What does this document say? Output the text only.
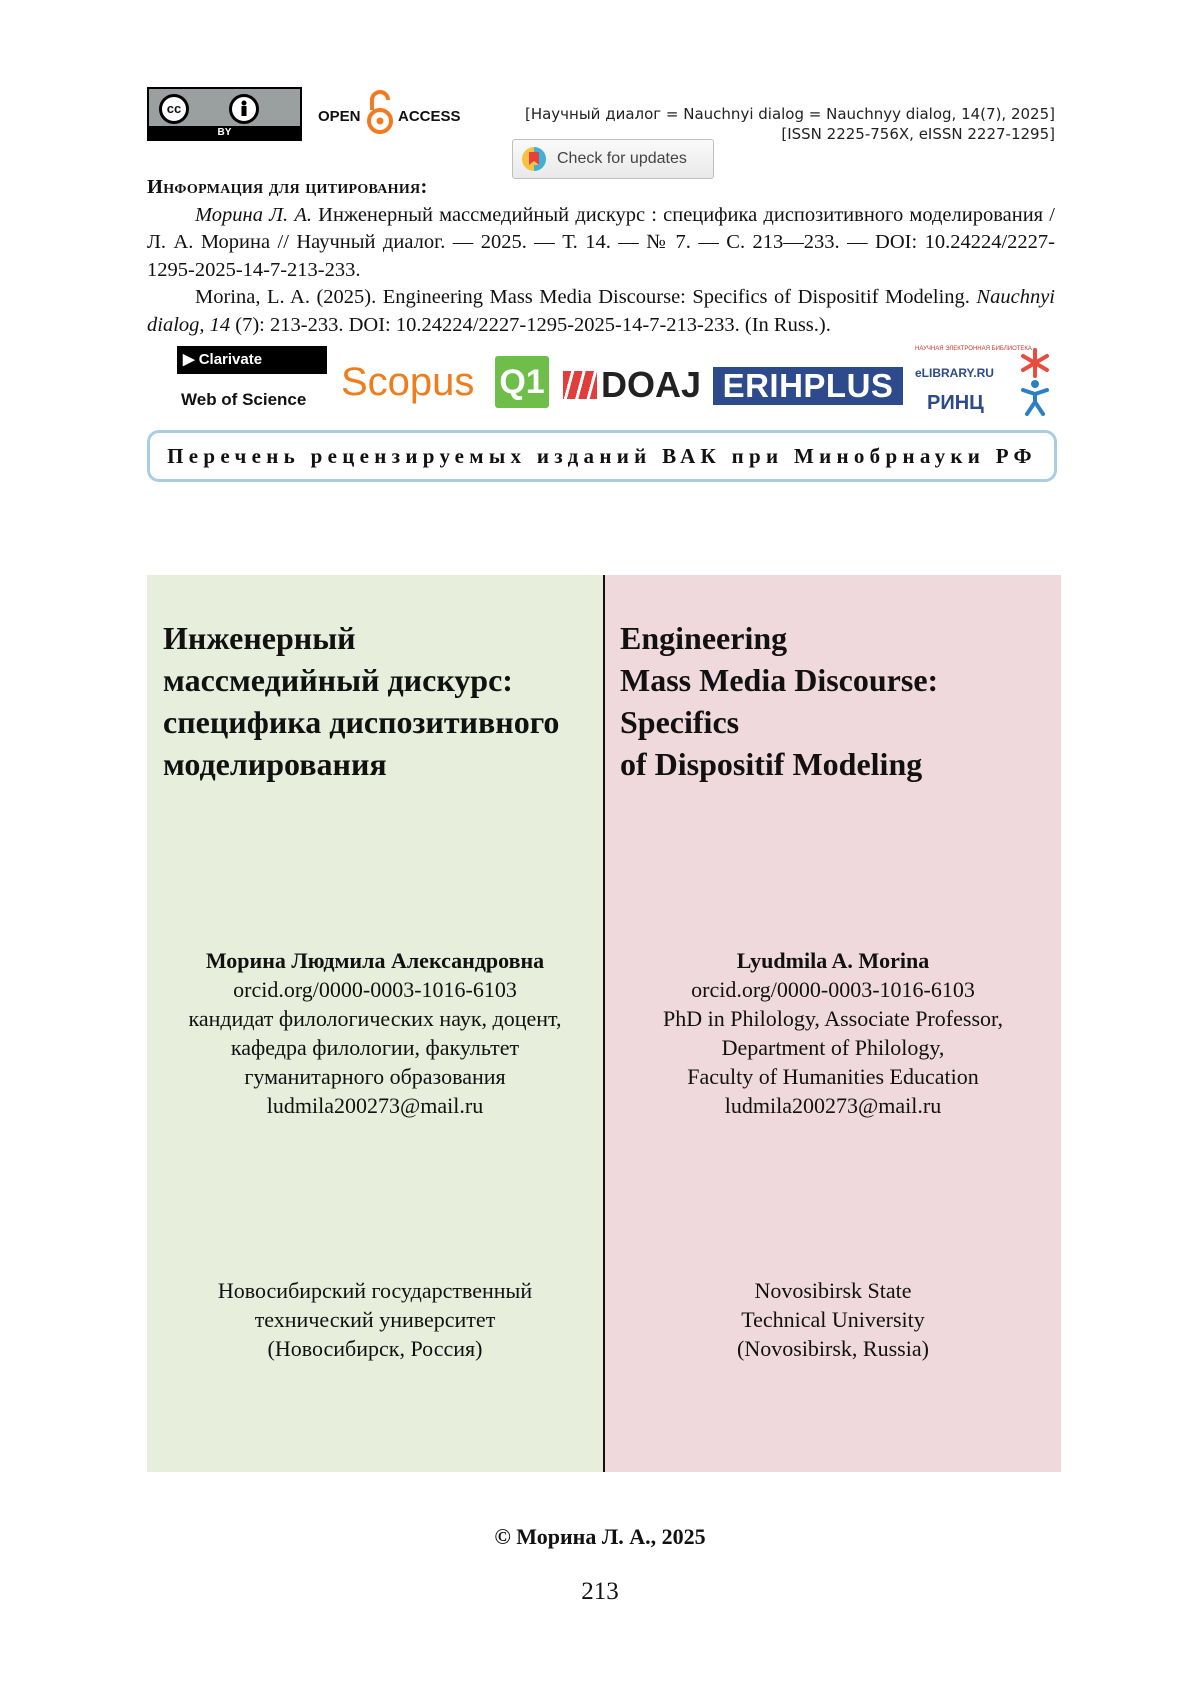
cc
BY
OPEN ACCESS	[Научный диалог = Nauchnyi dialog = Nauchnyy dialog, 14(7), 2025]
[ISSN 2225-756X, eISSN 2227-1295]
Check for updates
Информация для цитирования:

Морина Л. А. Инженерный массмедийный дискурс : специфика диспозитивного моделирования / Л. А. Морина // Научный диалог. — 2025. — Т. 14. — № 7. — С. 213—233. — DOI: 10.24224/2227-1295-2025-14-7-213-233.

Morina, L. A. (2025). Engineering Mass Media Discourse: Specifics of Dispositif Modeling. Nauchnyi dialog, 14 (7): 213-233. DOI: 10.24224/2227-1295-2025-14-7-213-233. (In Russ.).

▶ Clarivate
Web of Science Scopus Q1	DOAJ ERIHPLUS
НАУЧНАЯ ЭЛЕКТРОННАЯ БИБЛИОТЕКА
eLIBRARY.RU
РИНЦ
Перечень рецензируемых изданий ВАК при Минобрнауки РФ
Инженерный
массмедийный дискурс:
специфика диспозитивного
моделирования
Engineering
Mass Media Discourse:
Specifics
of Dispositif Modeling
Морина Людмила Александровна
orcid.org/0000-0003-1016-6103
кандидат филологических наук, доцент,
кафедра филологии, факультет
гуманитарного образования
ludmila200273@mail.ru
Lyudmila A. Morina
orcid.org/0000-0003-1016-6103
PhD in Philology, Associate Professor,
Department of Philology,
Faculty of Humanities Education
ludmila200273@mail.ru
Новосибирский государственный
технический университет
(Новосибирск, Россия)
Novosibirsk State
Technical University
(Novosibirsk, Russia)
© Морина Л. А., 2025
213
